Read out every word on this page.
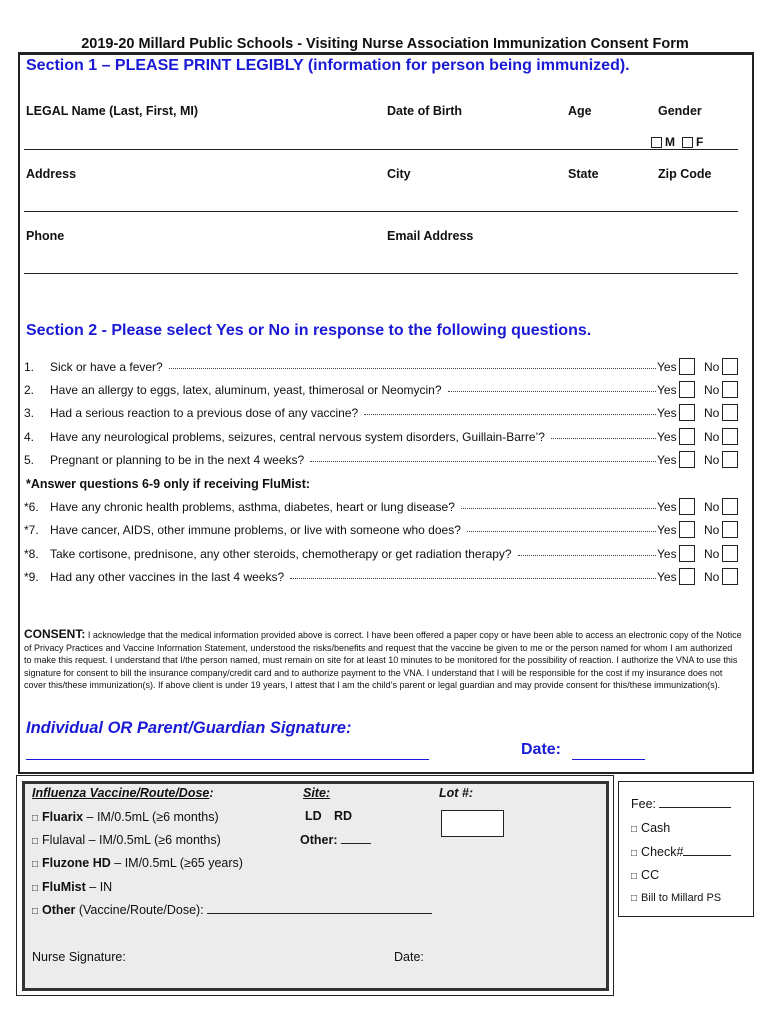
2019-20 Millard Public Schools - Visiting Nurse Association Immunization Consent Form
Section 1 – PLEASE PRINT LEGIBLY (information for person being immunized).
LEGAL Name (Last, First, MI)	Date of Birth	Age	Gender
M F
Address	City	State	Zip Code
Phone	Email Address
Section 2 - Please select Yes or No in response to the following questions.
1. Sick or have a fever?	Yes No
2. Have an allergy to eggs, latex, aluminum, yeast, thimerosal or Neomycin?	Yes No
3. Had a serious reaction to a previous dose of any vaccine?	Yes No
4. Have any neurological problems, seizures, central nervous system disorders, Guillain-Barre’?	Yes No
5. Pregnant or planning to be in the next 4 weeks?	Yes No
*Answer questions 6-9 only if receiving FluMist:
*6. Have any chronic health problems, asthma, diabetes, heart or lung disease?	Yes No
*7. Have cancer, AIDS, other immune problems, or live with someone who does?	Yes No
*8. Take cortisone, prednisone, any other steroids, chemotherapy or get radiation therapy?	Yes No
*9. Had any other vaccines in the last 4 weeks?	Yes No
CONSENT: I acknowledge that the medical information provided above is correct. I have been offered a paper copy or have been able to access an electronic copy of the Notice of Privacy Practices and Vaccine Information Statement, understood the risks/benefits and request that the vaccine be given to me or the person named for whom I am authorized to make this request. I understand that I/the person named, must remain on site for at least 10 minutes to be monitored for the possibility of reaction. I authorize the VNA to use this signature for consent to bill the insurance company/credit card and to authorize payment to the VNA. I understand that I will be responsible for the cost if my insurance does not cover this/these immunization(s). If above client is under 19 years, I attest that I am the child’s parent or legal guardian and may provide consent for this/these immunization(s).
Individual OR Parent/Guardian Signature:
Date:
Influenza Vaccine/Route/Dose:	Site:	Lot #:
□ Fluarix – IM/0.5mL (≥6 months)
□ Flulaval – IM/0.5mL (≥6 months)
□ Fluzone HD – IM/0.5mL (≥65 years)
□ FluMist – IN
□ Other (Vaccine/Route/Dose):
LD RD
Other:
Nurse Signature:	Date:
Fee:
□ Cash
□ Check#
□ CC
□ Bill to Millard PS
